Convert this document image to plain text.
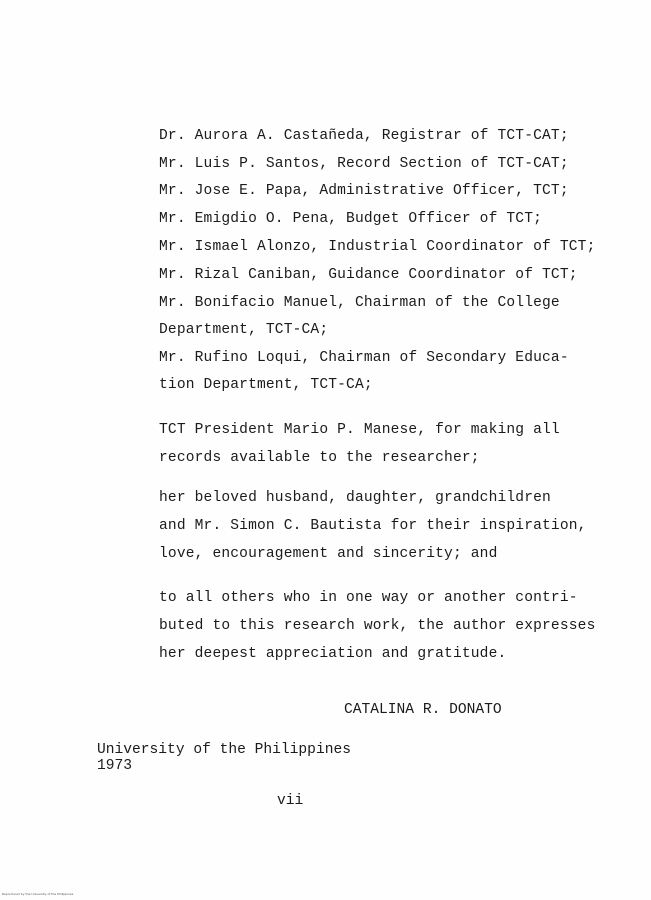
Dr. Aurora A. Castañeda, Registrar of TCT-CAT;
Mr. Luis P. Santos, Record Section of TCT-CAT;
Mr. Jose E. Papa, Administrative Officer, TCT;
Mr. Emigdio O. Pena, Budget Officer of TCT;
Mr. Ismael Alonzo, Industrial Coordinator of TCT;
Mr. Rizal Caniban, Guidance Coordinator of TCT;
Mr. Bonifacio Manuel, Chairman of the College
Department, TCT-CA;
Mr. Rufino Loqui, Chairman of Secondary Educa-
tion Department, TCT-CA;
TCT President Mario P. Manese, for making all
records available to the researcher;
her beloved husband, daughter, grandchildren
and Mr. Simon C. Bautista for their inspiration,
love, encouragement and sincerity; and
to all others who in one way or another contri-
buted to this research work, the author expresses
her deepest appreciation and gratitude.
CATALINA R. DONATO
University of the Philippines
1973
vii
Reproduced by the University of the Philippines
